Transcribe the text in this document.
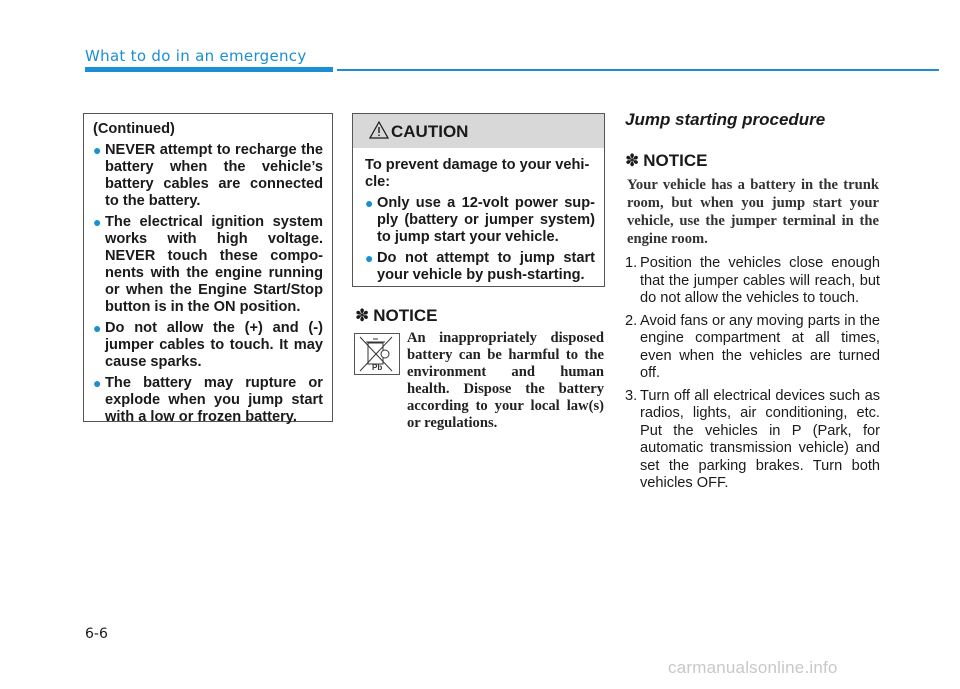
What to do in an emergency
(Continued)
● NEVER attempt to recharge the battery when the vehicle’s battery cables are connected to the battery.
● The electrical ignition system works with high voltage. NEVER touch these compo-nents with the engine running or when the Engine Start/Stop button is in the ON position.
● Do not allow the (+) and (-) jumper cables to touch. It may cause sparks.
● The battery may rupture or explode when you jump start with a low or frozen battery.
CAUTION
To prevent damage to your vehi-cle:
● Only use a 12-volt power sup-ply (battery or jumper system) to jump start your vehicle.
● Do not attempt to jump start your vehicle by push-starting.
✽ NOTICE
Pb
An inappropriately disposed battery can be harmful to the environment and human health. Dispose the battery according to your local law(s) or regulations.
Jump starting procedure
✽ NOTICE
Your vehicle has a battery in the trunk room, but when you jump start your vehicle, use the jumper terminal in the engine room.
1. Position the vehicles close enough that the jumper cables will reach, but do not allow the vehicles to touch.
2. Avoid fans or any moving parts in the engine compartment at all times, even when the vehicles are turned off.
3. Turn off all electrical devices such as radios, lights, air conditioning, etc. Put the vehicles in P (Park, for automatic transmission vehicle) and set the parking brakes. Turn both vehicles OFF.
6-6
carmanualsonline.info
